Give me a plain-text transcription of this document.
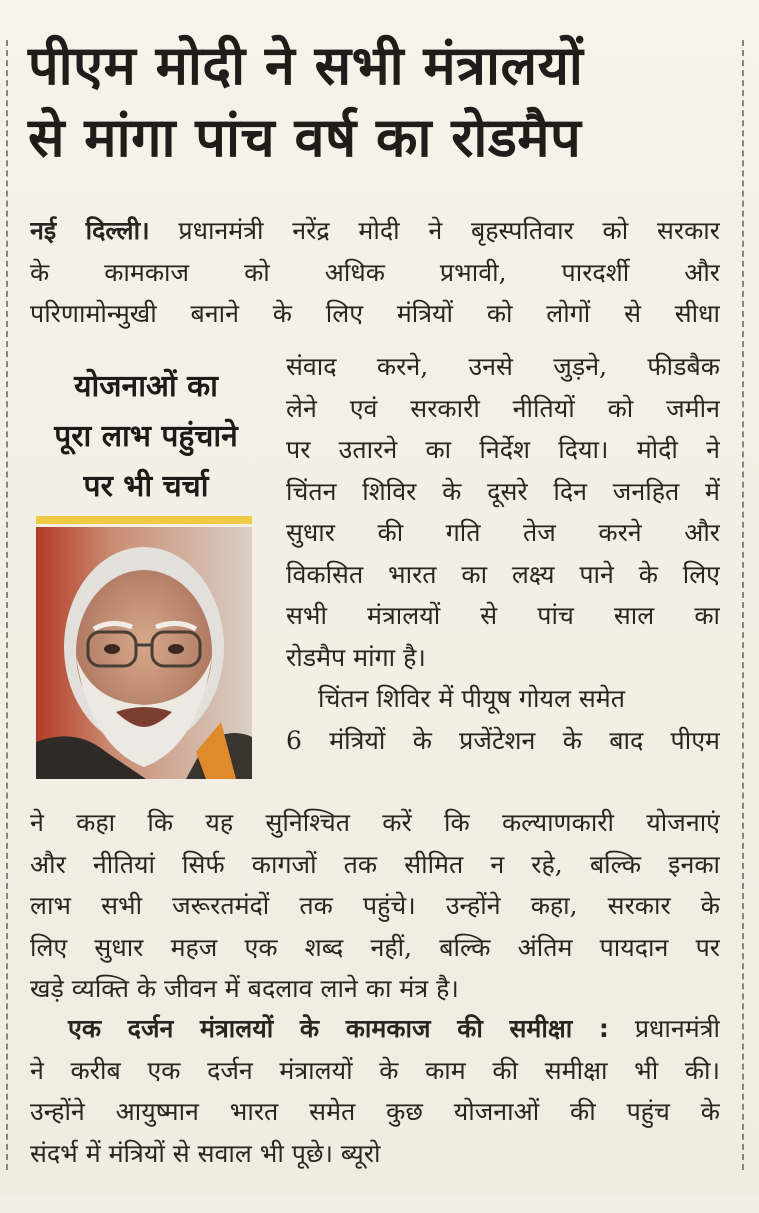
पीएम मोदी ने सभी मंत्रालयों
से मांगा पांच वर्ष का रोडमैप
नई दिल्ली। प्रधानमंत्री नरेंद्र मोदी ने बृहस्पतिवार को सरकार
के कामकाज को अधिक प्रभावी, पारदर्शी और
परिणामोन्मुखी बनाने के लिए मंत्रियों को लोगों से सीधा
योजनाओं का
पूरा लाभ पहुंचाने
पर भी चर्चा
संवाद करने, उनसे जुड़ने, फीडबैक
लेने एवं सरकारी नीतियों को जमीन
पर उतारने का निर्देश दिया। मोदी ने
चिंतन शिविर के दूसरे दिन जनहित में
सुधार की गति तेज करने और
विकसित भारत का लक्ष्य पाने के लिए
सभी मंत्रालयों से पांच साल का
रोडमैप मांगा है।
चिंतन शिविर में पीयूष गोयल समेत
6 मंत्रियों के प्रजेंटेशन के बाद पीएम
ने कहा कि यह सुनिश्चित करें कि कल्याणकारी योजनाएं
और नीतियां सिर्फ कागजों तक सीमित न रहे, बल्कि इनका
लाभ सभी जरूरतमंदों तक पहुंचे। उन्होंने कहा, सरकार के
लिए सुधार महज एक शब्द नहीं, बल्कि अंतिम पायदान पर
खड़े व्यक्ति के जीवन में बदलाव लाने का मंत्र है।
एक दर्जन मंत्रालयों के कामकाज की समीक्षा : प्रधानमंत्री
ने करीब एक दर्जन मंत्रालयों के काम की समीक्षा भी की।
उन्होंने आयुष्मान भारत समेत कुछ योजनाओं की पहुंच के
संदर्भ में मंत्रियों से सवाल भी पूछे। ब्यूरो
